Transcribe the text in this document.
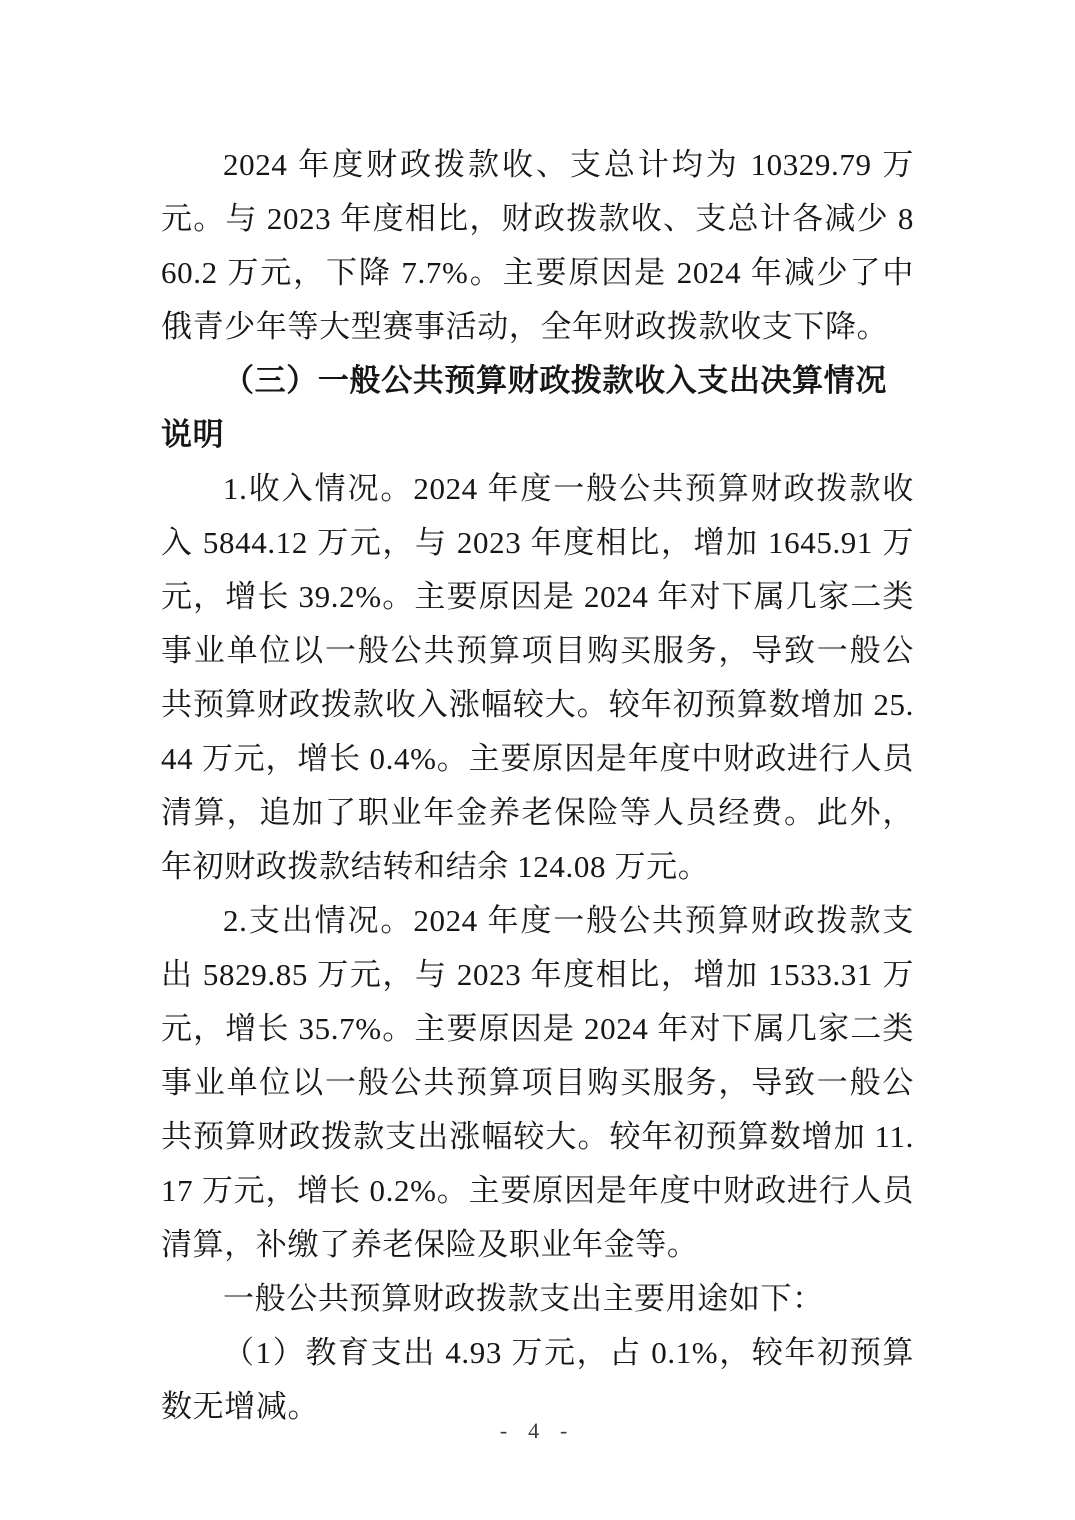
2024 年度财政拨款收、支总计均为 10329.79 万元。与 2023 年度相比，财政拨款收、支总计各减少 860.2 万元，下降 7.7%。主要原因是 2024 年减少了中俄青少年等大型赛事活动，全年财政拨款收支下降。

（三）一般公共预算财政拨款收入支出决算情况说明

1.收入情况。2024 年度一般公共预算财政拨款收入 5844.12 万元，与 2023 年度相比，增加 1645.91 万元，增长 39.2%。主要原因是 2024 年对下属几家二类事业单位以一般公共预算项目购买服务，导致一般公共预算财政拨款收入涨幅较大。较年初预算数增加 25.44 万元，增长 0.4%。主要原因是年度中财政进行人员清算，追加了职业年金养老保险等人员经费。此外，年初财政拨款结转和结余 124.08 万元。

2.支出情况。2024 年度一般公共预算财政拨款支出 5829.85 万元，与 2023 年度相比，增加 1533.31 万元，增长 35.7%。主要原因是 2024 年对下属几家二类事业单位以一般公共预算项目购买服务，导致一般公共预算财政拨款支出涨幅较大。较年初预算数增加 11.17 万元，增长 0.2%。主要原因是年度中财政进行人员清算，补缴了养老保险及职业年金等。

一般公共预算财政拨款支出主要用途如下：

（1）教育支出 4.93 万元，占 0.1%，较年初预算数无增减。

- 4 -
